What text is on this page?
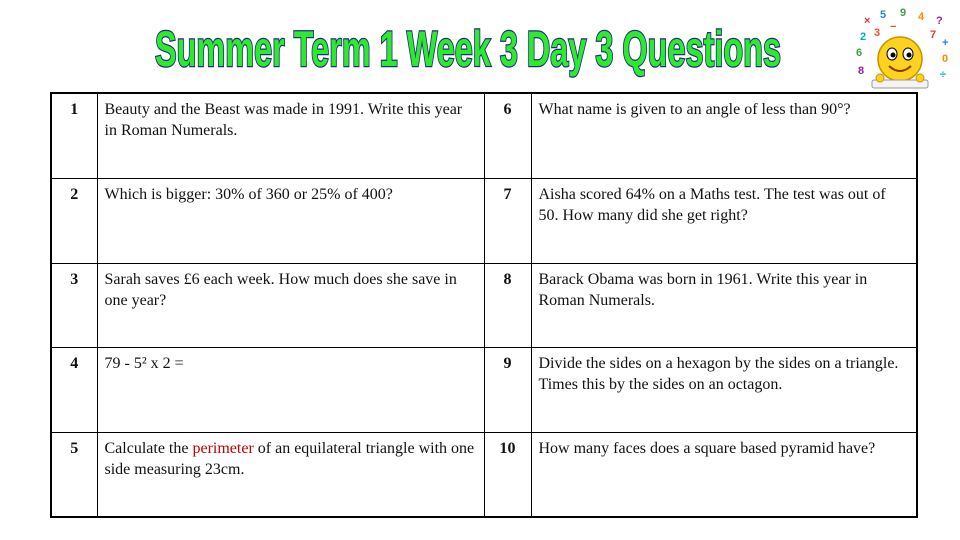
Summer Term 1 Week 3 Day 3 Questions	× 5 9 4 ?
2 3	7
+
6	0
8	÷
−
1	Beauty and the Beast was made in 1991. Write this year in Roman Numerals.	6	What name is given to an angle of less than 90°?
2	Which is bigger: 30% of 360 or 25% of 400?	7	Aisha scored 64% on a Maths test. The test was out of 50. How many did she get right?
3	Sarah saves £6 each week. How much does she save in one year?	8	Barack Obama was born in 1961. Write this year in Roman Numerals.
4	79 - 5² x 2 =	9	Divide the sides on a hexagon by the sides on a triangle. Times this by the sides on an octagon.
5	Calculate the perimeter of an equilateral triangle with one side measuring 23cm.	10	How many faces does a square based pyramid have?
